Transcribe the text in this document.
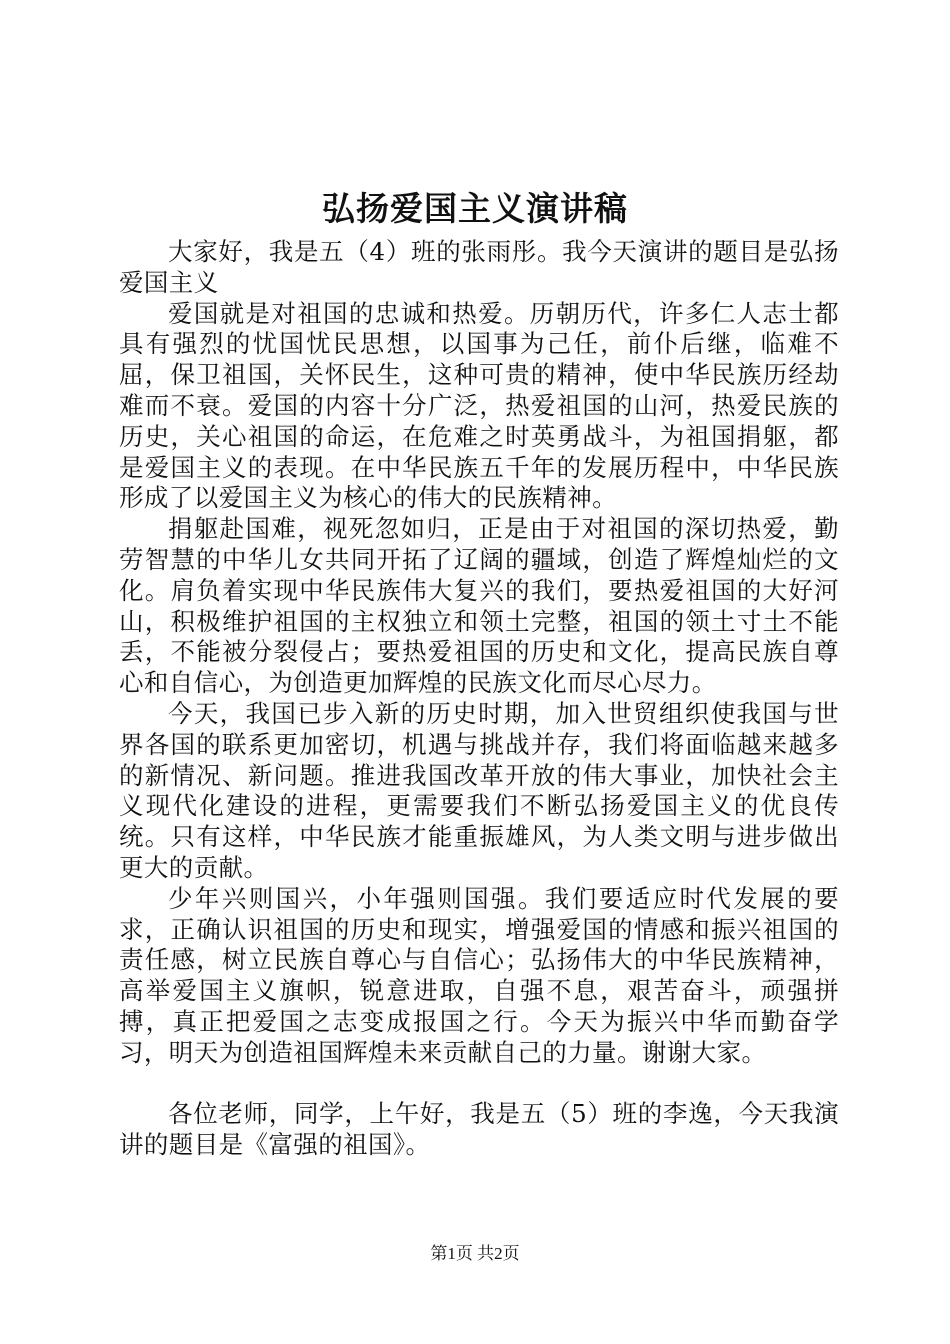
弘扬爱国主义演讲稿

大家好，我是五（4）班的张雨彤。我今天演讲的题目是弘扬爱国主义

爱国就是对祖国的忠诚和热爱。历朝历代，许多仁人志士都具有强烈的忧国忧民思想，以国事为己任，前仆后继，临难不屈，保卫祖国，关怀民生，这种可贵的精神，使中华民族历经劫难而不衰。爱国的内容十分广泛，热爱祖国的山河，热爱民族的历史，关心祖国的命运，在危难之时英勇战斗，为祖国捐躯，都是爱国主义的表现。在中华民族五千年的发展历程中，中华民族形成了以爱国主义为核心的伟大的民族精神。

捐躯赴国难，视死忽如归，正是由于对祖国的深切热爱，勤劳智慧的中华儿女共同开拓了辽阔的疆域，创造了辉煌灿烂的文化。肩负着实现中华民族伟大复兴的我们，要热爱祖国的大好河山，积极维护祖国的主权独立和领土完整，祖国的领土寸土不能丢，不能被分裂侵占；要热爱祖国的历史和文化，提高民族自尊心和自信心，为创造更加辉煌的民族文化而尽心尽力。

今天，我国已步入新的历史时期，加入世贸组织使我国与世界各国的联系更加密切，机遇与挑战并存，我们将面临越来越多的新情况、新问题。推进我国改革开放的伟大事业，加快社会主义现代化建设的进程，更需要我们不断弘扬爱国主义的优良传统。只有这样，中华民族才能重振雄风，为人类文明与进步做出更大的贡献。

少年兴则国兴，小年强则国强。我们要适应时代发展的要求，正确认识祖国的历史和现实，增强爱国的情感和振兴祖国的责任感，树立民族自尊心与自信心；弘扬伟大的中华民族精神，高举爱国主义旗帜，锐意进取，自强不息，艰苦奋斗，顽强拼搏，真正把爱国之志变成报国之行。今天为振兴中华而勤奋学习，明天为创造祖国辉煌未来贡献自己的力量。谢谢大家。

各位老师，同学，上午好，我是五（5）班的李逸，今天我演讲的题目是《富强的祖国》。

第1页 共2页
